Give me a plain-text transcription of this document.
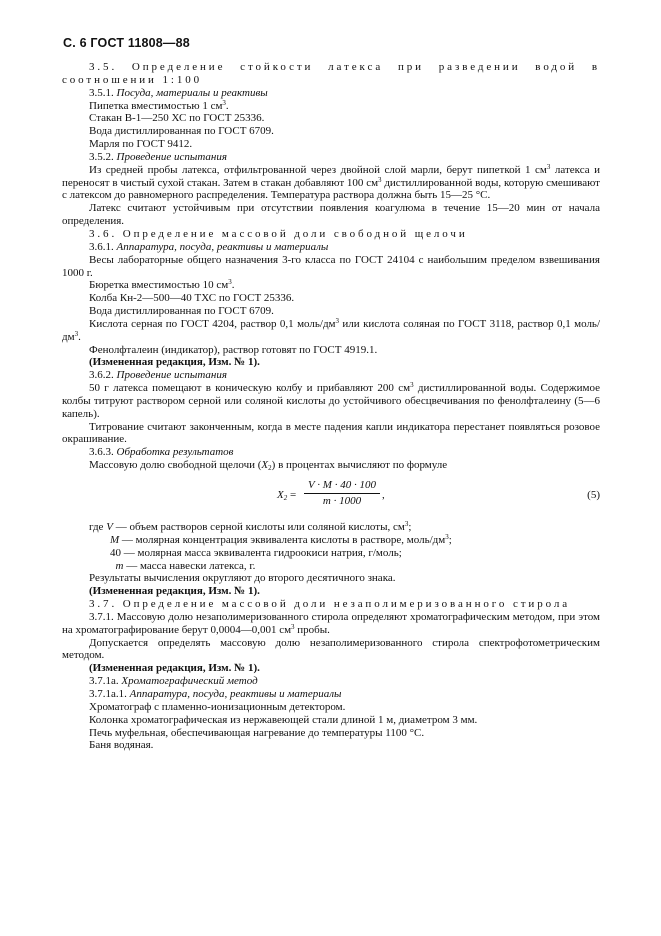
С. 6 ГОСТ 11808—88

3.5. Определение стойкости латекса при разведении водой в соотношении 1:100

3.5.1. Посуда, материалы и реактивы

Пипетка вместимостью 1 $см^3$.

Стакан В-1—250 ХС по ГОСТ 25336.

Вода дистиллированная по ГОСТ 6709.

Марля по ГОСТ 9412.

3.5.2. Проведение испытания

Из средней пробы латекса, отфильтрованной через двойной слой марли, берут пипеткой 1 $см^3$ латекса и переносят в чистый сухой стакан. Затем в стакан добавляют 100 $см^3$ дистиллированной воды, которую смешивают с латексом до равномерного распределения. Температура раствора должна быть 15—25 °С.

Латекс считают устойчивым при отсутствии появления коагулюма в течение 15—20 мин от начала определения.

3.6. Определение массовой доли свободной щелочи

3.6.1. Аппаратура, посуда, реактивы и материалы

Весы лабораторные общего назначения 3-го класса по ГОСТ 24104 с наибольшим пределом взвешивания 1000 г.

Бюретка вместимостью 10 $см^3$.

Колба Кн-2—500—40 ТХС по ГОСТ 25336.

Вода дистиллированная по ГОСТ 6709.

Кислота серная по ГОСТ 4204, раствор 0,1 моль/$дм^3$ или кислота соляная по ГОСТ 3118, раствор 0,1 моль/$дм^3$.

Фенолфталеин (индикатор), раствор готовят по ГОСТ 4919.1.

(Измененная редакция, Изм. № 1).

3.6.2. Проведение испытания

50 г латекса помещают в коническую колбу и прибавляют 200 $см^3$ дистиллированной воды. Содержимое колбы титруют раствором серной или соляной кислоты до устойчивого обесцвечивания по фенолфталеину (5—6 капель).

Титрование считают законченным, когда в месте падения капли индикатора перестанет появляться розовое окрашивание.

3.6.3. Обработка результатов

Массовую долю свободной щелочи $(X_2)$ в процентах вычисляют по формуле

$X_2 = \frac{V \cdot M \cdot 40 \cdot 100}{m \cdot 1000}$ ,	(5)

где V — объем растворов серной кислоты или соляной кислоты, $см^3$;

M — молярная концентрация эквивалента кислоты в растворе, моль/$дм^3$;

40 — молярная масса эквивалента гидроокиси натрия, г/моль;

m — масса навески латекса, г.

Результаты вычисления округляют до второго десятичного знака.

(Измененная редакция, Изм. № 1).

3.7. Определение массовой доли незаполимеризованного стирола

3.7.1. Массовую долю незаполимеризованного стирола определяют хроматографическим методом, при этом на хроматографирование берут 0,0004—0,001 $см^3$ пробы.

Допускается определять массовую долю незаполимеризованного стирола спектрофотометрическим методом.

(Измененная редакция, Изм. № 1).

3.7.1а. Хроматографический метод

3.7.1а.1. Аппаратура, посуда, реактивы и материалы

Хроматограф с пламенно-ионизационным детектором.

Колонка хроматографическая из нержавеющей стали длиной 1 м, диаметром 3 мм.

Печь муфельная, обеспечивающая нагревание до температуры 1100 °С.

Баня водяная.
